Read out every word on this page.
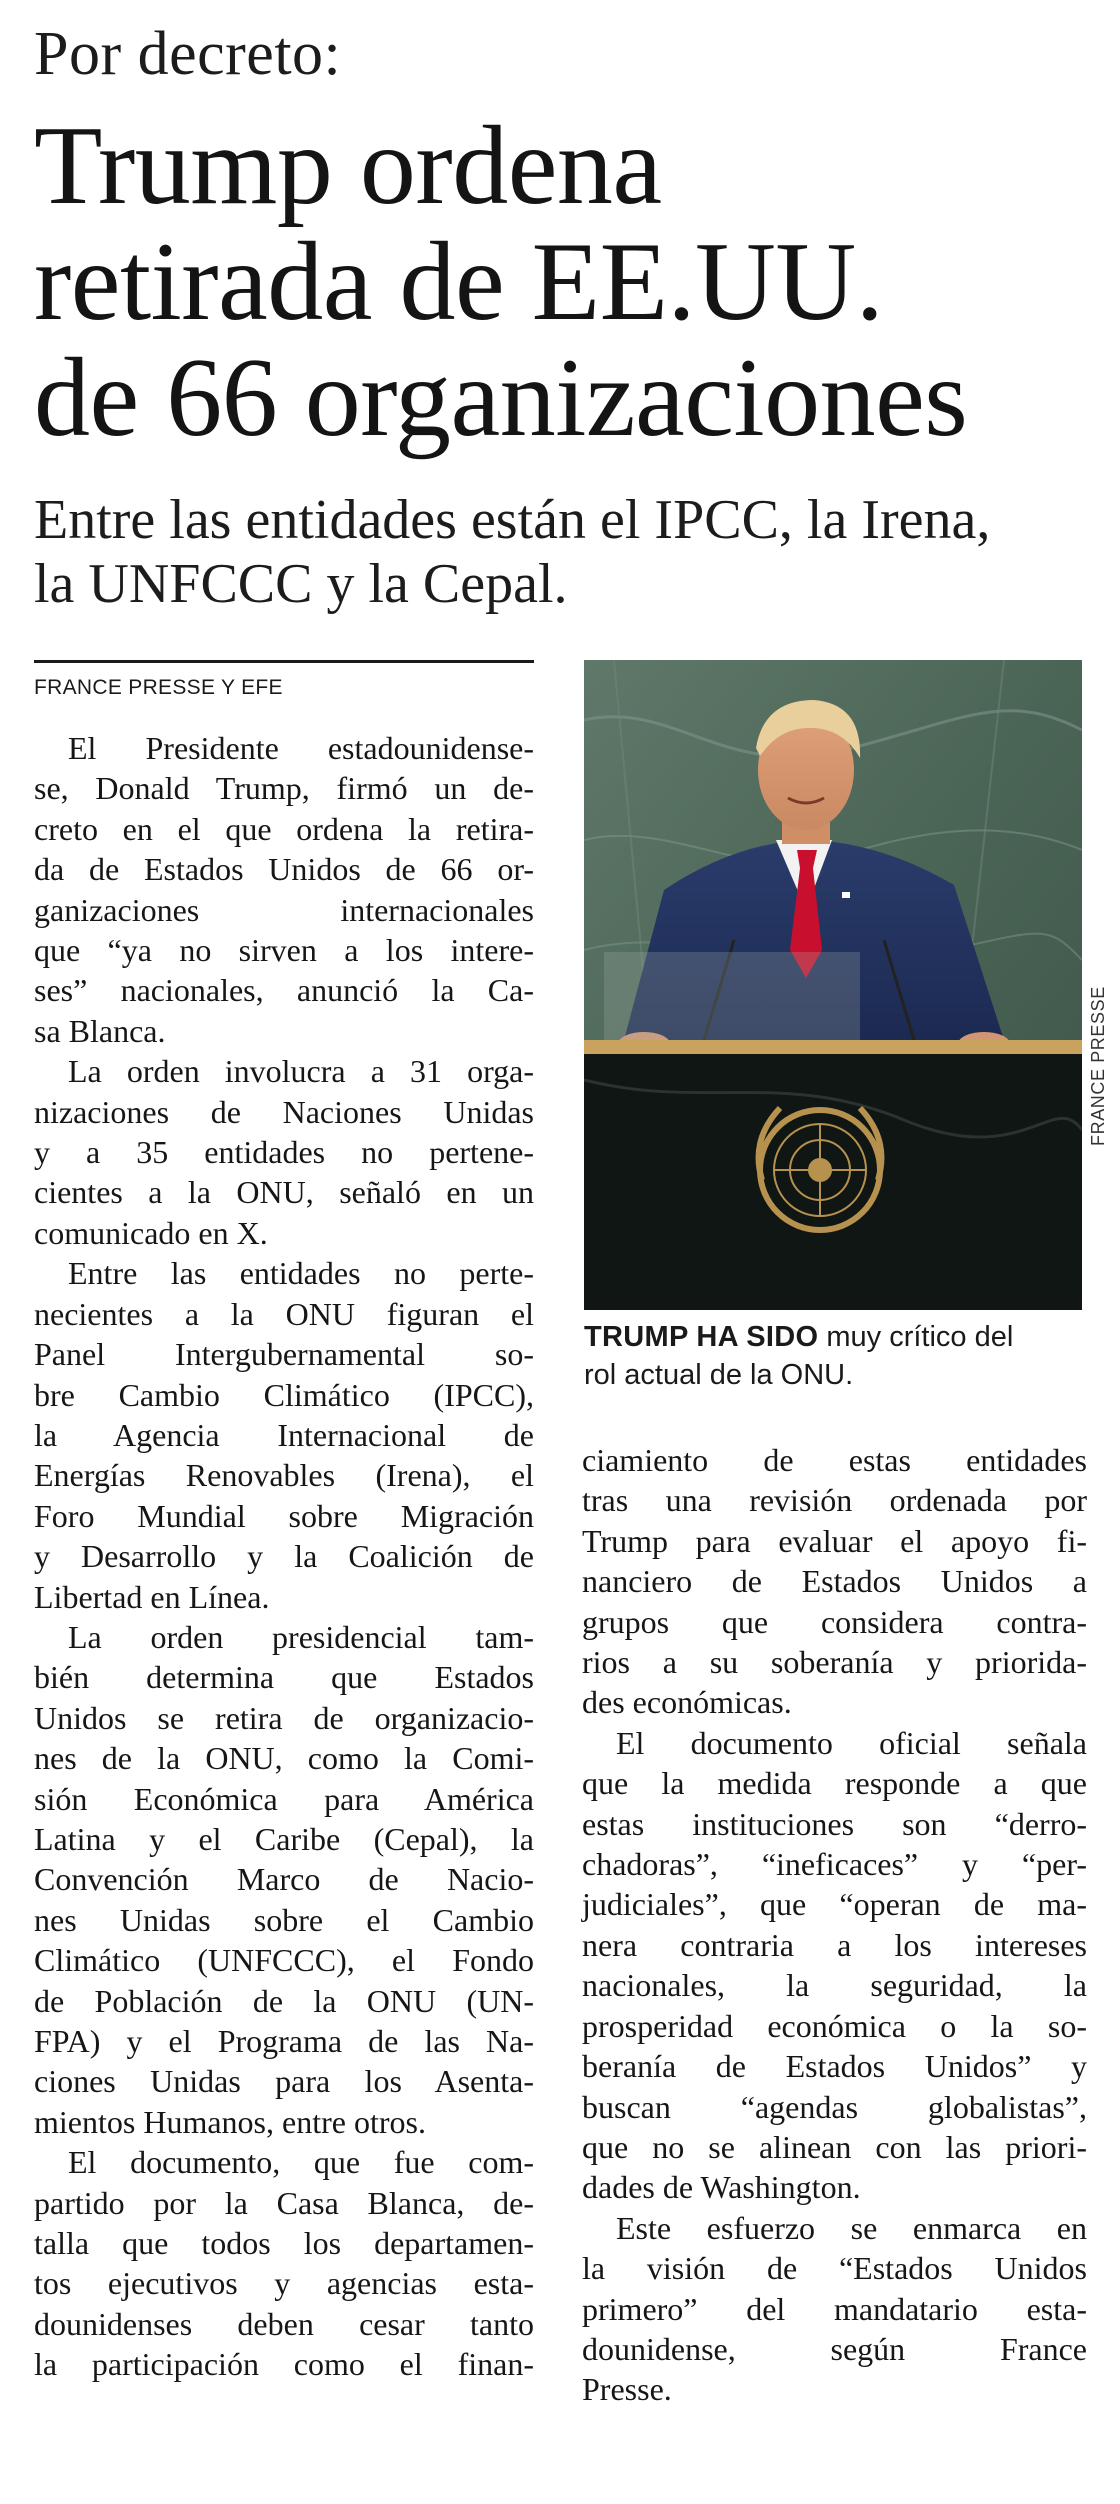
Por decreto:
Trump ordena
retirada de EE.UU.
de 66 organizaciones
Entre las entidades están el IPCC, la Irena,
la UNFCCC y la Cepal.
FRANCE PRESSE Y EFE
El Presidente estadounidense-
se, Donald Trump, firmó un de-
creto en el que ordena la retira-
da de Estados Unidos de 66 or-
ganizaciones internacionales
que “ya no sirven a los intere-
ses” nacionales, anunció la Ca-
sa Blanca.
La orden involucra a 31 orga-
nizaciones de Naciones Unidas
y a 35 entidades no pertene-
cientes a la ONU, señaló en un
comunicado en X.
Entre las entidades no perte-
necientes a la ONU figuran el
Panel Intergubernamental so-
bre Cambio Climático (IPCC),
la Agencia Internacional de
Energías Renovables (Irena), el
Foro Mundial sobre Migración
y Desarrollo y la Coalición de
Libertad en Línea.
La orden presidencial tam-
bién determina que Estados
Unidos se retira de organizacio-
nes de la ONU, como la Comi-
sión Económica para América
Latina y el Caribe (Cepal), la
Convención Marco de Nacio-
nes Unidas sobre el Cambio
Climático (UNFCCC), el Fondo
de Población de la ONU (UN-
FPA) y el Programa de las Na-
ciones Unidas para los Asenta-
mientos Humanos, entre otros.
El documento, que fue com-
partido por la Casa Blanca, de-
talla que todos los departamen-
tos ejecutivos y agencias esta-
dounidenses deben cesar tanto
la participación como el finan-
FRANCE PRESSE
TRUMP HA SIDO muy crítico del
rol actual de la ONU.
ciamiento de estas entidades
tras una revisión ordenada por
Trump para evaluar el apoyo fi-
nanciero de Estados Unidos a
grupos que considera contra-
rios a su soberanía y priorida-
des económicas.
El documento oficial señala
que la medida responde a que
estas instituciones son “derro-
chadoras”, “ineficaces” y “per-
judiciales”, que “operan de ma-
nera contraria a los intereses
nacionales, la seguridad, la
prosperidad económica o la so-
beranía de Estados Unidos” y
buscan “agendas globalistas”,
que no se alinean con las priori-
dades de Washington.
Este esfuerzo se enmarca en
la visión de “Estados Unidos
primero” del mandatario esta-
dounidense, según France
Presse.
